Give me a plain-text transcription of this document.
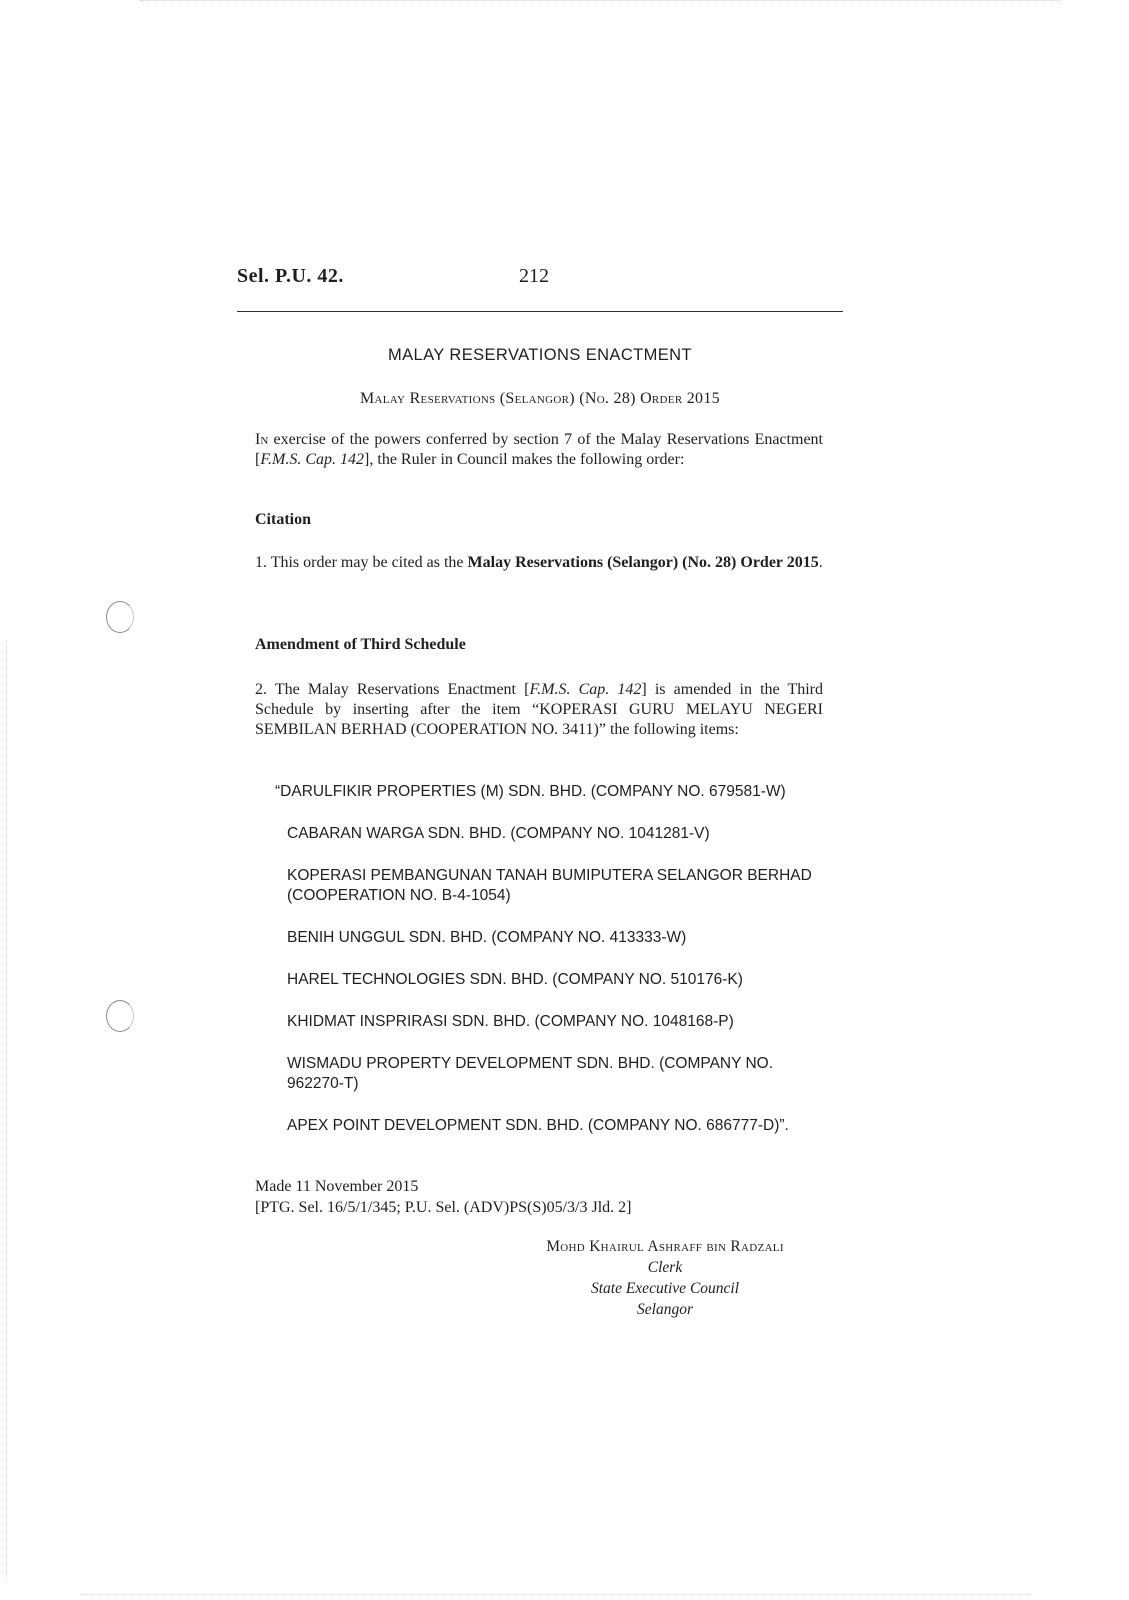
Sel. P.U. 42.	212
MALAY RESERVATIONS ENACTMENT
Malay Reservations (Selangor) (No. 28) Order 2015
In exercise of the powers conferred by section 7 of the Malay Reservations Enactment [F.M.S. Cap. 142], the Ruler in Council makes the following order:
Citation
1. This order may be cited as the Malay Reservations (Selangor) (No. 28) Order 2015.
Amendment of Third Schedule
2. The Malay Reservations Enactment [F.M.S. Cap. 142] is amended in the Third Schedule by inserting after the item “KOPERASI GURU MELAYU NEGERI SEMBILAN BERHAD (COOPERATION NO. 3411)” the following items:
“DARULFIKIR PROPERTIES (M) SDN. BHD. (COMPANY NO. 679581-W)
CABARAN WARGA SDN. BHD. (COMPANY NO. 1041281-V)
KOPERASI PEMBANGUNAN TANAH BUMIPUTERA SELANGOR BERHAD (COOPERATION NO. B-4-1054)
BENIH UNGGUL SDN. BHD. (COMPANY NO. 413333-W)
HAREL TECHNOLOGIES SDN. BHD. (COMPANY NO. 510176-K)
KHIDMAT INSPRIRASI SDN. BHD. (COMPANY NO. 1048168-P)
WISMADU PROPERTY DEVELOPMENT SDN. BHD. (COMPANY NO. 962270-T)
APEX POINT DEVELOPMENT SDN. BHD. (COMPANY NO. 686777-D)”.
Made 11 November 2015
[PTG. Sel. 16/5/1/345; P.U. Sel. (ADV)PS(S)05/3/3 Jld. 2]
Mohd Khairul Ashraff bin Radzali
Clerk
State Executive Council
Selangor
